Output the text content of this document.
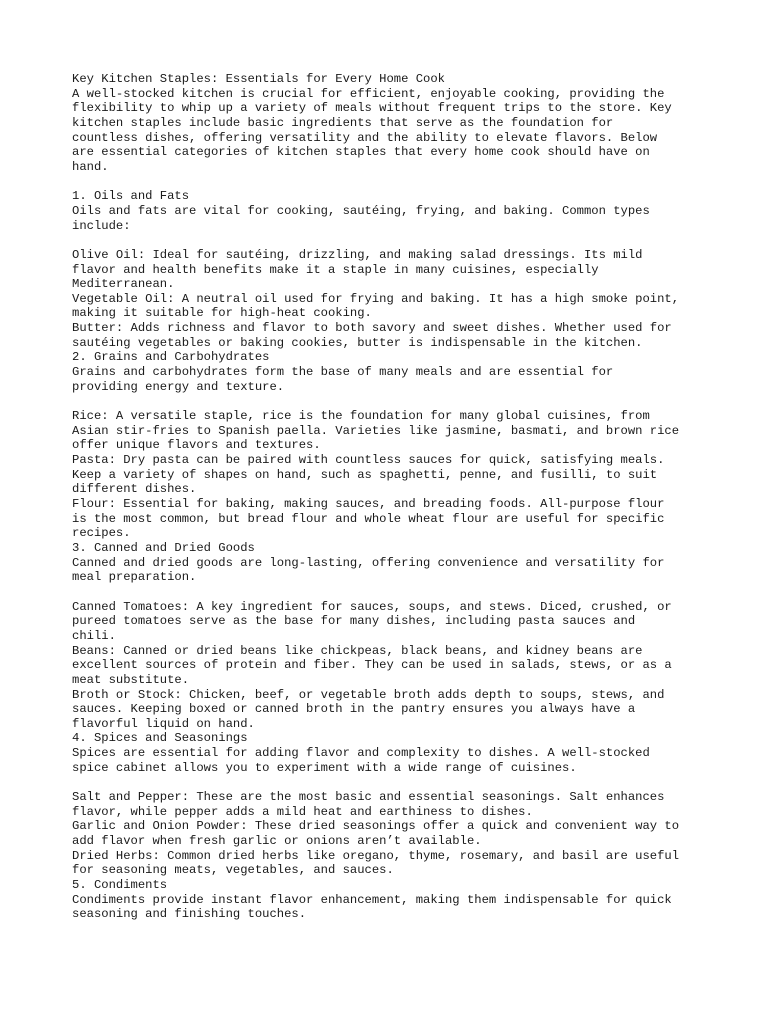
Key Kitchen Staples: Essentials for Every Home Cook
A well-stocked kitchen is crucial for efficient, enjoyable cooking, providing the
flexibility to whip up a variety of meals without frequent trips to the store. Key
kitchen staples include basic ingredients that serve as the foundation for
countless dishes, offering versatility and the ability to elevate flavors. Below
are essential categories of kitchen staples that every home cook should have on
hand.
1. Oils and Fats
Oils and fats are vital for cooking, sautéing, frying, and baking. Common types
include:
Olive Oil: Ideal for sautéing, drizzling, and making salad dressings. Its mild
flavor and health benefits make it a staple in many cuisines, especially
Mediterranean.
Vegetable Oil: A neutral oil used for frying and baking. It has a high smoke point,
making it suitable for high-heat cooking.
Butter: Adds richness and flavor to both savory and sweet dishes. Whether used for
sautéing vegetables or baking cookies, butter is indispensable in the kitchen.
2. Grains and Carbohydrates
Grains and carbohydrates form the base of many meals and are essential for
providing energy and texture.
Rice: A versatile staple, rice is the foundation for many global cuisines, from
Asian stir-fries to Spanish paella. Varieties like jasmine, basmati, and brown rice
offer unique flavors and textures.
Pasta: Dry pasta can be paired with countless sauces for quick, satisfying meals.
Keep a variety of shapes on hand, such as spaghetti, penne, and fusilli, to suit
different dishes.
Flour: Essential for baking, making sauces, and breading foods. All-purpose flour
is the most common, but bread flour and whole wheat flour are useful for specific
recipes.
3. Canned and Dried Goods
Canned and dried goods are long-lasting, offering convenience and versatility for
meal preparation.
Canned Tomatoes: A key ingredient for sauces, soups, and stews. Diced, crushed, or
pureed tomatoes serve as the base for many dishes, including pasta sauces and
chili.
Beans: Canned or dried beans like chickpeas, black beans, and kidney beans are
excellent sources of protein and fiber. They can be used in salads, stews, or as a
meat substitute.
Broth or Stock: Chicken, beef, or vegetable broth adds depth to soups, stews, and
sauces. Keeping boxed or canned broth in the pantry ensures you always have a
flavorful liquid on hand.
4. Spices and Seasonings
Spices are essential for adding flavor and complexity to dishes. A well-stocked
spice cabinet allows you to experiment with a wide range of cuisines.
Salt and Pepper: These are the most basic and essential seasonings. Salt enhances
flavor, while pepper adds a mild heat and earthiness to dishes.
Garlic and Onion Powder: These dried seasonings offer a quick and convenient way to
add flavor when fresh garlic or onions aren’t available.
Dried Herbs: Common dried herbs like oregano, thyme, rosemary, and basil are useful
for seasoning meats, vegetables, and sauces.
5. Condiments
Condiments provide instant flavor enhancement, making them indispensable for quick
seasoning and finishing touches.
